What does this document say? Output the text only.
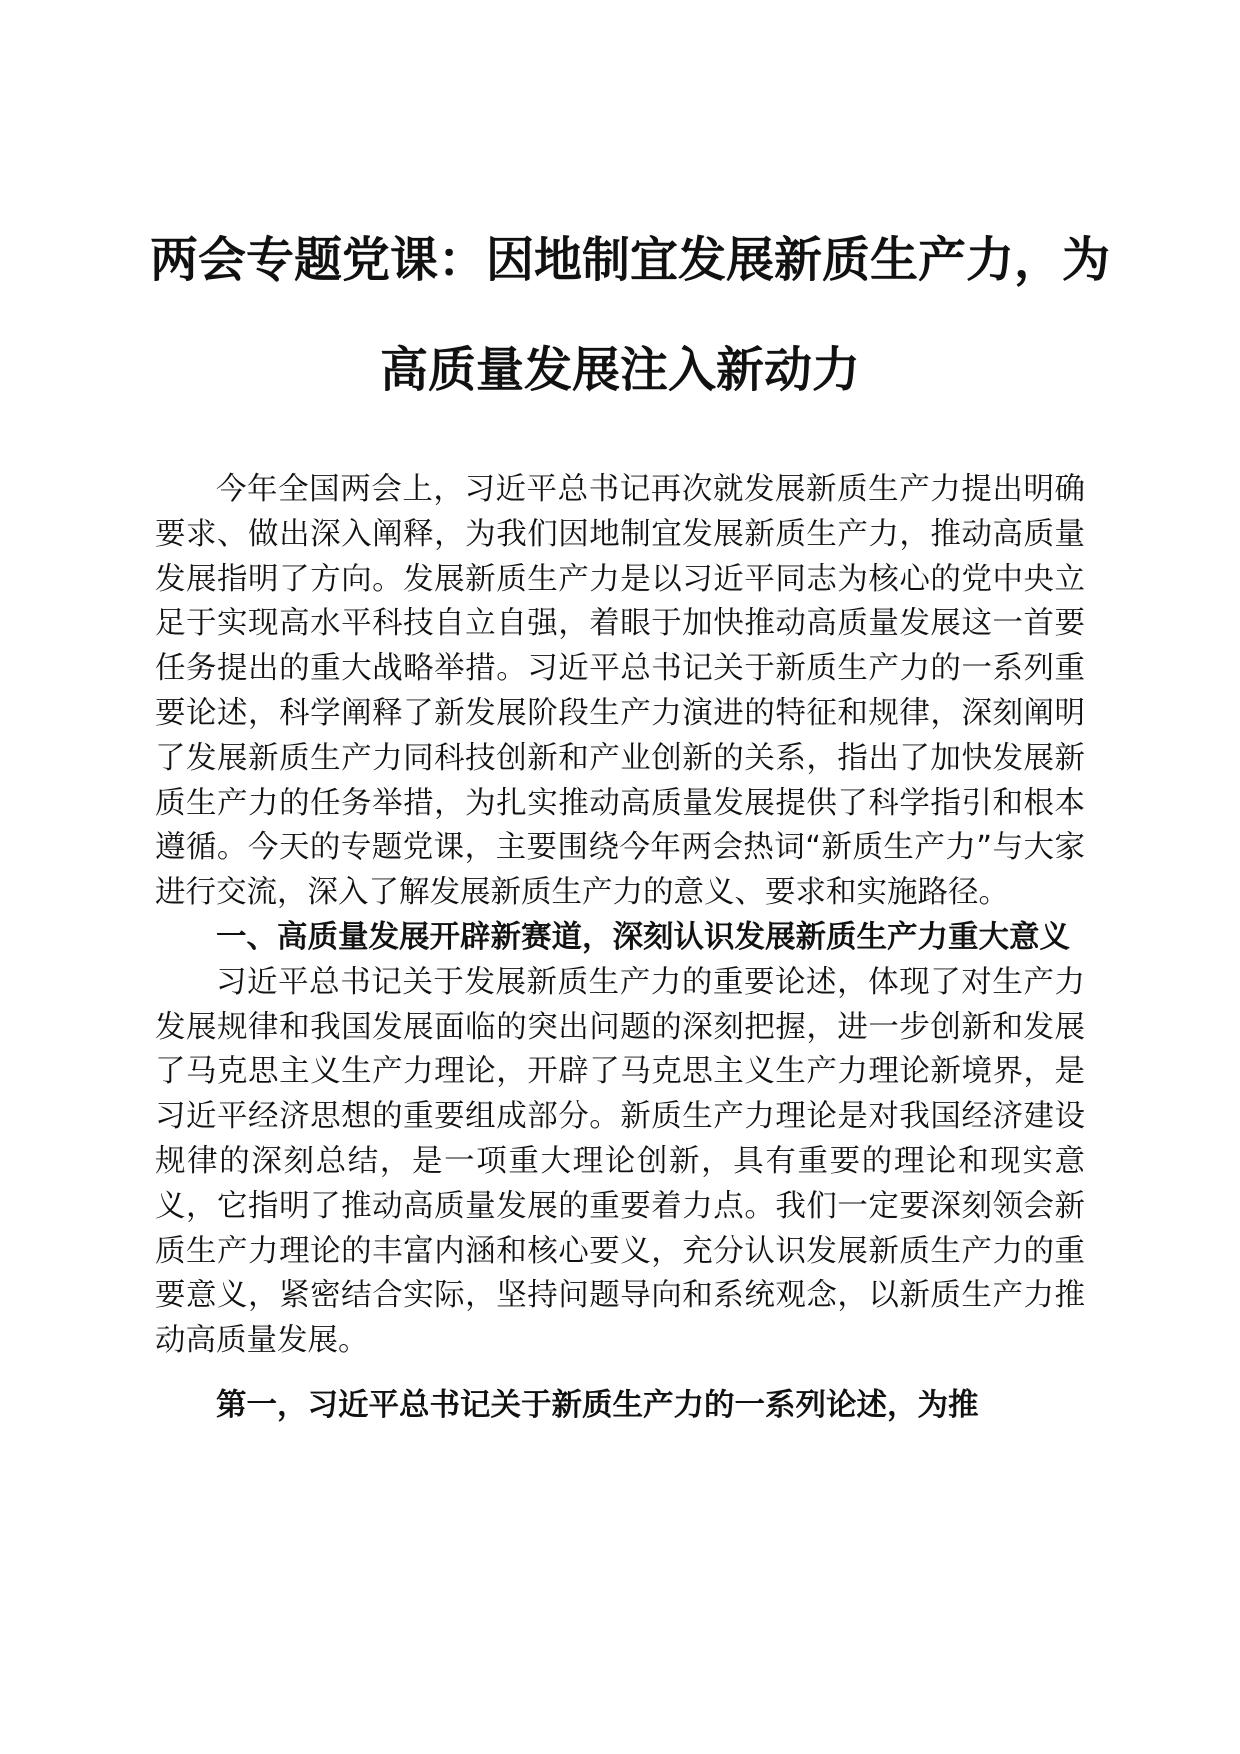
两会专题党课：因地制宜发展新质生产力，为
高质量发展注入新动力

今年全国两会上，习近平总书记再次就发展新质生产力提出明确要求、做出深入阐释，为我们因地制宜发展新质生产力，推动高质量发展指明了方向。发展新质生产力是以习近平同志为核心的党中央立足于实现高水平科技自立自强，着眼于加快推动高质量发展这一首要任务提出的重大战略举措。习近平总书记关于新质生产力的一系列重要论述，科学阐释了新发展阶段生产力演进的特征和规律，深刻阐明了发展新质生产力同科技创新和产业创新的关系，指出了加快发展新质生产力的任务举措，为扎实推动高质量发展提供了科学指引和根本遵循。今天的专题党课，主要围绕今年两会热词“新质生产力”与大家进行交流，深入了解发展新质生产力的意义、要求和实施路径。

一、高质量发展开辟新赛道，深刻认识发展新质生产力重大意义

习近平总书记关于发展新质生产力的重要论述，体现了对生产力发展规律和我国发展面临的突出问题的深刻把握，进一步创新和发展了马克思主义生产力理论，开辟了马克思主义生产力理论新境界，是习近平经济思想的重要组成部分。新质生产力理论是对我国经济建设规律的深刻总结，是一项重大理论创新，具有重要的理论和现实意义，它指明了推动高质量发展的重要着力点。我们一定要深刻领会新质生产力理论的丰富内涵和核心要义，充分认识发展新质生产力的重要意义，紧密结合实际，坚持问题导向和系统观念，以新质生产力推动高质量发展。

第一，习近平总书记关于新质生产力的一系列论述，为推
